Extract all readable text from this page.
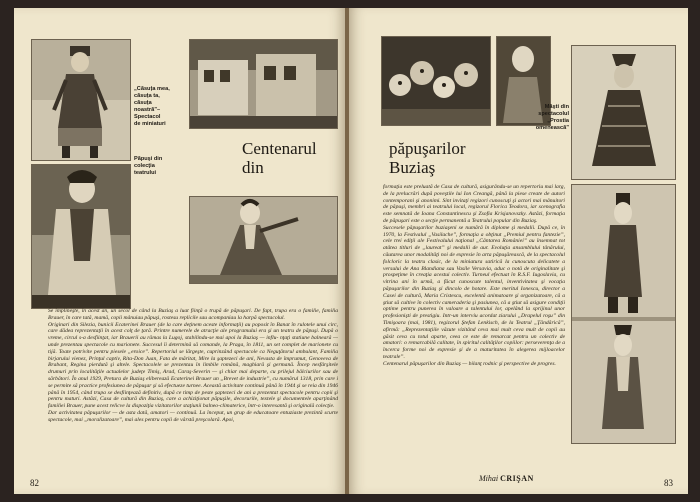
„Căsuța mea,
căsuța ta,
căsuța
noastră”–
Spectacol
de miniaturi
Păpuşi din
colecţia
teatrului
Centenarul
din
Se împlineşte, în acest an, un secol de când la Buziaş a luat fiinţă o trupă de păpuşari. De fapt, trupa era o familie, familia Brauer, în care tată, mamă, copii mânuiau păpuşi, rostesu replicile sau acompaniau la harpă spectacolul.
Originari din Silezia, bunicii Ecaterinei Brauer (de la care deţinem aceste informaţii) au poposit în Banat în rulotele unui circ, care dădea reprezentaţii în acest colţ de ţară. Printre numerele de atracţie ale programului era şi un teatru de păpuşi. După o vreme, circul s-a desfiinţat, iar Brauerii au rămas la Lugoj, stabilindu-se mai apoi la Buziaş — influ- nţaţi statiune balneară — unde prezentau spectacole cu marionete. Succesul îi determină să comande, la Praga, în 1811, un set complet de marionete cu tijă. Toate potrivite pentru piesele „eroice”. Repertoriul se lărgeşte, cuprinzând spectacole ca Neguţătorul ambulant, Familia birjarului vienez, Prinţul captiv, Rita-Don Juan, Fata de măritat, Mire la şaptezeci de ani, Nevasta de împrumut, Genoveva de Brabant, Regina pierdută şi altele. Spectacolele se prezentau în limbile română, maghiară şi germană. Încep nesfârşitele drumuri prin localităţile actualelor judeţe Timiş, Arad, Caraş-Severin — şi chiar mai departe, cu prilejul bâlciurilor sau de sărbători. În anul 1929, Pretura de Buziaş eliberează Ecaterinei Brauer un „Brevet de industrie”, cu numărul 1318, prin care i se permite să practice profesiunea de păpuşar şi să efectueze turnee. Această activitate continuă până în 1944 şi se reia din 1946 până în 1954, când trupa se desfiinţează definitiv, după ce timp de peste şaptezeci de ani a prezentat spectacole pentru copii şi pentru maturi. Astăzi, Casa de cultură din Buziaş, care a achiziţionat păpuşile, decorurile, textele şi documentele aparţinând familiei Brauer, pune acest relicve la dispoziţia vizitatorilor staţiunii balneo-climaterice, într-o interesantă şi originală colecţie.
Dar activitatea păpuşarilor — de asta dată, amatori — continuă. La început, un grup de educatoare entuziaste prezintă scurte spectacole, mai „moralizatoare”, mai ales pentru copii de vârstă preşcolară. Apoi,
82
Măşti din
spectacolul
„Prostia
omenească”
păpuşarilor
Buziaş
formaţia este preluată de Casa de cultură, asigurându-se un repertoriu mai larg, de la prelucrări după poveştile lui Ion Creangă, până la piese create de autori contemporani şi anonimi. Sint invitaţi regizori cunoscuţi şi actori mai mânuitori de păpuşi, membri ai teatrului local, regizorul Florica Teodora, iar scenografia este semnată de Ioana Constantinescu şi Zsofia Krisjanovszky. Astăzi, formaţia de păpuşari este o secţie permanentă a Teatrului popular din Buziaş.
Succesele păpuşarilor buziaşeni se numără în diplome şi medalii. După ce, în 1970, la Festivalul „Vasilache”, formaţia a obţinut „Premiul pentru fantezie”, cele trei ediţii ale Festivalului naţional „Cântarea României” au însemnat tot atâtea titluri de „laureat” şi medalii de aur. Evoluţia ansamblului tânărului, căutarea unor modalităţi noi de expresie în arta păpuşărească, de la spectacolul folcloric la teatru clasic, de la miniatura satirică la cunoscuta delicatete a versului de Ana Blandiana sau Vasile Versavia, aduc o notă de originalitate şi prospeţime în creaţia acestui colectiv. Turneul efectuat în R.S.F. Iugoslavia, cu vitrina ani în urmă, a făcut cunoscute talentul, inventivitatea şi vocaţia păpuşarilor din Buziaş şi dincolo de hotare. Este meritul Ionescu, director a Casei de cultură, Maria Cristescu, excelentă animatoare şi organizatoare, că a ştiut să cultive în colectiv cameraderia şi pasiunea, că a ştiut să asigure condiţii optime pentru punerea în valoare a talentului lor, apelând la sprijinul unor profesionişti de prestigiu. Intr-un interviu acordat ziarului „Drapelul roşu” din Timişoara (mai, 1981), regizorul Ştefan Lenkisch, de la Teatrul „Ţăndărică”, afirmă: „Reprezentaţiile văzute vizitând ceva mai mult ceva mult de copii au găsit ceva cu totul aparte, ceea ce este de remarcat pentru un colectiv de amatori: o remarcabilă calitate, în spiritul calităţilor copiilor: perseverenţa de a încerca forme noi de expresie şi de a maturitatea în alegerea mijloacelor teatrale”.
Centenarul păpuşarilor din Buziaş — bilanţ rodnic şi perspective de progres.
Mihai CRIŞAN	83
